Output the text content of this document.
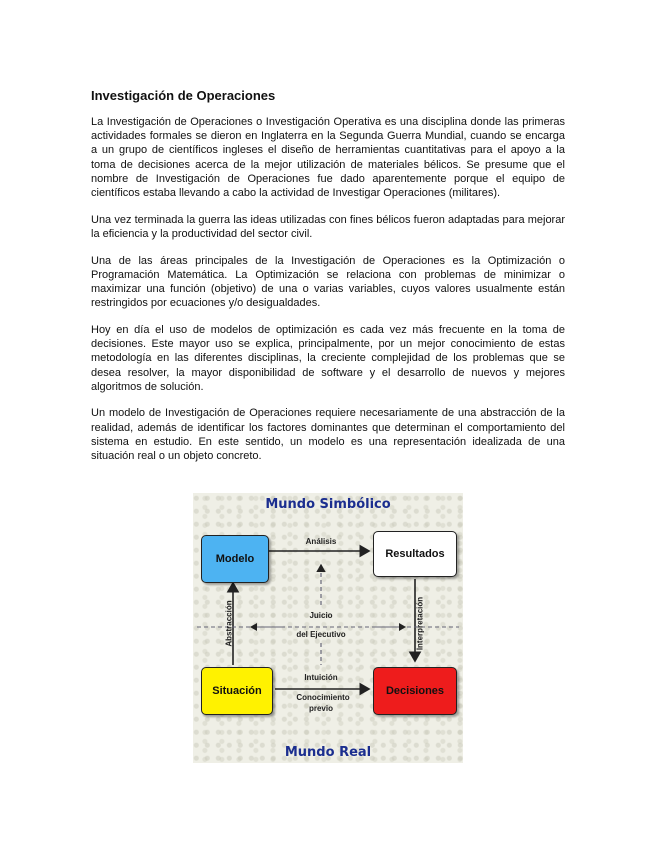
Investigación de Operaciones

La Investigación de Operaciones o Investigación Operativa es una disciplina donde las primeras actividades formales se dieron en Inglaterra en la Segunda Guerra Mundial, cuando se encarga a un grupo de científicos ingleses el diseño de herramientas cuantitativas para el apoyo a la toma de decisiones acerca de la mejor utilización de materiales bélicos. Se presume que el nombre de Investigación de Operaciones fue dado aparentemente porque el equipo de científicos estaba llevando a cabo la actividad de Investigar Operaciones (militares).

Una vez terminada la guerra las ideas utilizadas con fines bélicos fueron adaptadas para mejorar la eficiencia y la productividad del sector civil.

Una de las áreas principales de la Investigación de Operaciones es la Optimización o Programación Matemática. La Optimización se relaciona con problemas de minimizar o maximizar una función (objetivo) de una o varias variables, cuyos valores usualmente están restringidos por ecuaciones y/o desigualdades.

Hoy en día el uso de modelos de optimización es cada vez más frecuente en la toma de decisiones. Este mayor uso se explica, principalmente, por un mejor conocimiento de estas metodología en las diferentes disciplinas, la creciente complejidad de los problemas que se desea resolver, la mayor disponibilidad de software y el desarrollo de nuevos y mejores algoritmos de solución.

Un modelo de Investigación de Operaciones requiere necesariamente de una abstracción de la realidad, además de identificar los factores dominantes que determinan el comportamiento del sistema en estudio. En este sentido, un modelo es una representación idealizada de una situación real o un objeto concreto.

Mundo Simbólico
Mundo Real
Modelo	Resultados
Situación	Decisiones
Análisis
Juicio
del Ejecutivo
Intuición
Conocimiento
previo
Abstracción	Interpretación
